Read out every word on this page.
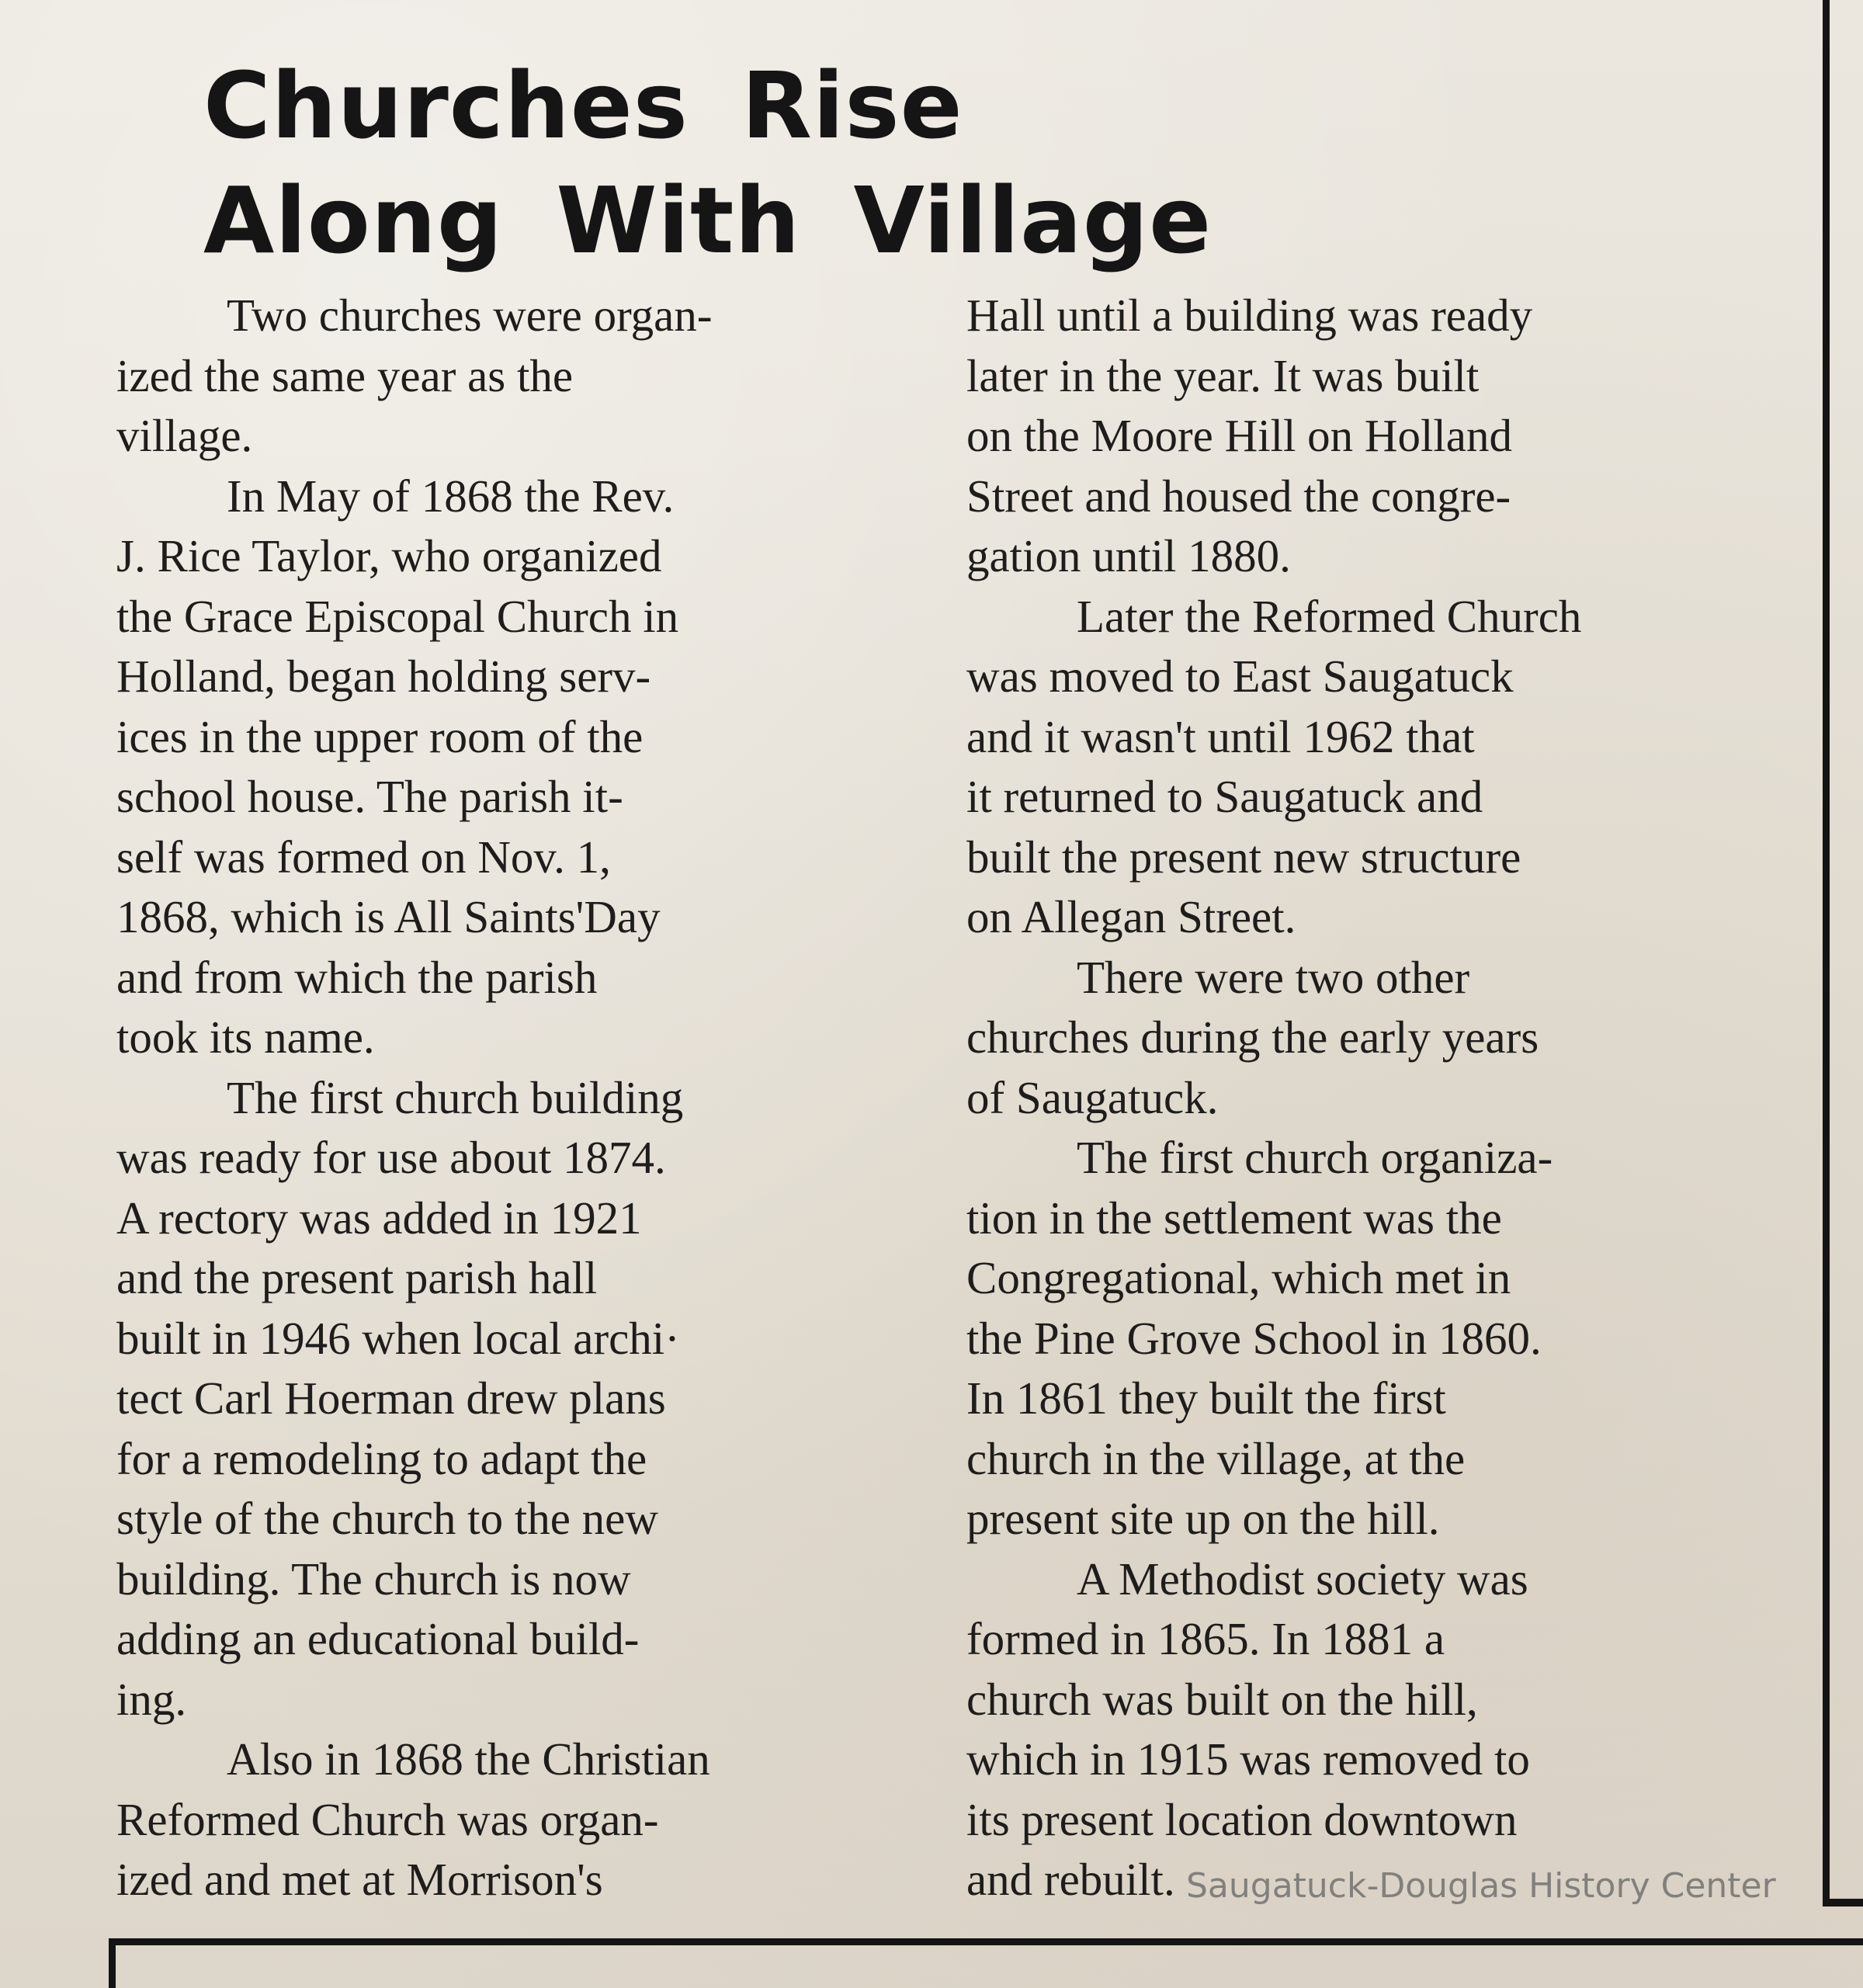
Churches Rise
Along With Village
Two churches were organ-
ized the same year as the
village.
In May of 1868 the Rev.
J. Rice Taylor, who organized
the Grace Episcopal Church in
Holland, began holding serv-
ices in the upper room of the
school house. The parish it-
self was formed on Nov. 1,
1868, which is All Saints'Day
and from which the parish
took its name.
The first church building
was ready for use about 1874.
A rectory was added in 1921
and the present parish hall
built in 1946 when local archi·
tect Carl Hoerman drew plans
for a remodeling to adapt the
style of the church to the new
building. The church is now
adding an educational build-
ing.
Also in 1868 the Christian
Reformed Church was organ-
ized and met at Morrison's
Hall until a building was ready
later in the year. It was built
on the Moore Hill on Holland
Street and housed the congre-
gation until 1880.
Later the Reformed Church
was moved to East Saugatuck
and it wasn't until 1962 that
it returned to Saugatuck and
built the present new structure
on Allegan Street.
There were two other
churches during the early years
of Saugatuck.
The first church organiza-
tion in the settlement was the
Congregational, which met in
the Pine Grove School in 1860.
In 1861 they built the first
church in the village, at the
present site up on the hill.
A Methodist society was
formed in 1865. In 1881 a
church was built on the hill,
which in 1915 was removed to
its present location downtown
and rebuilt. Saugatuck-Douglas History Center
